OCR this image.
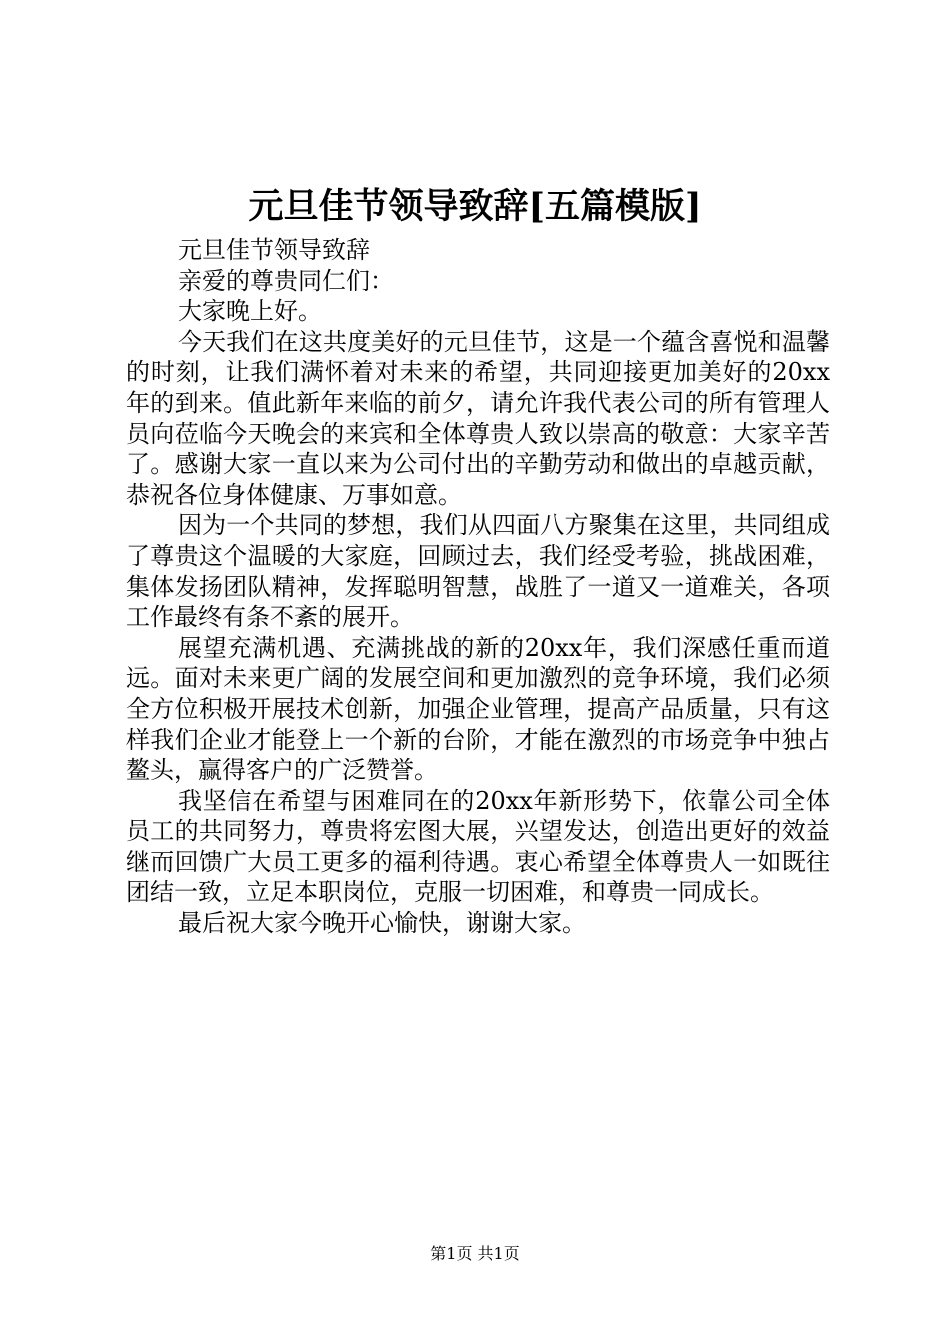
元旦佳节领导致辞[五篇模版]

元旦佳节领导致辞

亲爱的尊贵同仁们：

大家晚上好。

今天我们在这共度美好的元旦佳节，这是一个蕴含喜悦和温馨的时刻，让我们满怀着对未来的希望，共同迎接更加美好的20xx年的到来。值此新年来临的前夕，请允许我代表公司的所有管理人员向莅临今天晚会的来宾和全体尊贵人致以崇高的敬意：大家辛苦了。感谢大家一直以来为公司付出的辛勤劳动和做出的卓越贡献，恭祝各位身体健康、万事如意。

因为一个共同的梦想，我们从四面八方聚集在这里，共同组成了尊贵这个温暖的大家庭，回顾过去，我们经受考验，挑战困难，集体发扬团队精神，发挥聪明智慧，战胜了一道又一道难关，各项工作最终有条不紊的展开。

展望充满机遇、充满挑战的新的20xx年，我们深感任重而道远。面对未来更广阔的发展空间和更加激烈的竞争环境，我们必须全方位积极开展技术创新，加强企业管理，提高产品质量，只有这样我们企业才能登上一个新的台阶，才能在激烈的市场竞争中独占鳌头，赢得客户的广泛赞誉。

我坚信在希望与困难同在的20xx年新形势下，依靠公司全体员工的共同努力，尊贵将宏图大展，兴望发达，创造出更好的效益继而回馈广大员工更多的福利待遇。衷心希望全体尊贵人一如既往团结一致，立足本职岗位，克服一切困难，和尊贵一同成长。

最后祝大家今晚开心愉快，谢谢大家。

第1页 共1页
